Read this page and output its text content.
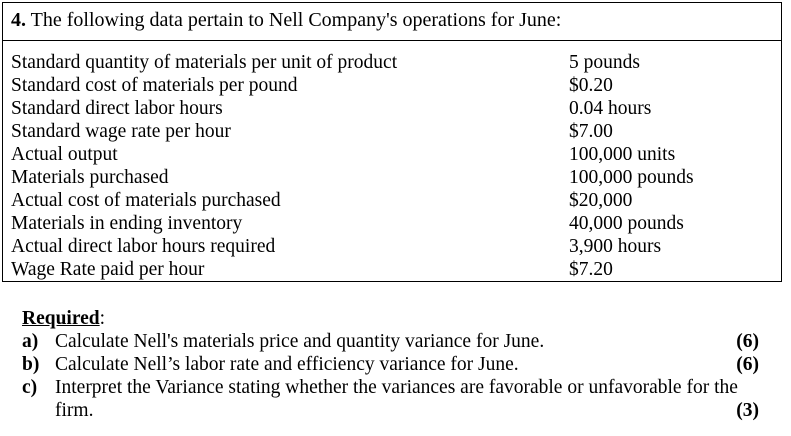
4. The following data pertain to Nell Company's operations for June:
Standard quantity of materials per unit of product	5 pounds
Standard cost of materials per pound	$0.20
Standard direct labor hours	0.04 hours
Standard wage rate per hour	$7.00
Actual output	100,000 units
Materials purchased	100,000 pounds
Actual cost of materials purchased	$20,000
Materials in ending inventory	40,000 pounds
Actual direct labor hours required	3,900 hours
Wage Rate paid per hour	$7.20
Required:
a) Calculate Nell's materials price and quantity variance for June.	(6)
b) Calculate Nell’s labor rate and efficiency variance for June.	(6)
c) Interpret the Variance stating whether the variances are favorable or unfavorable for the
firm.	(3)
